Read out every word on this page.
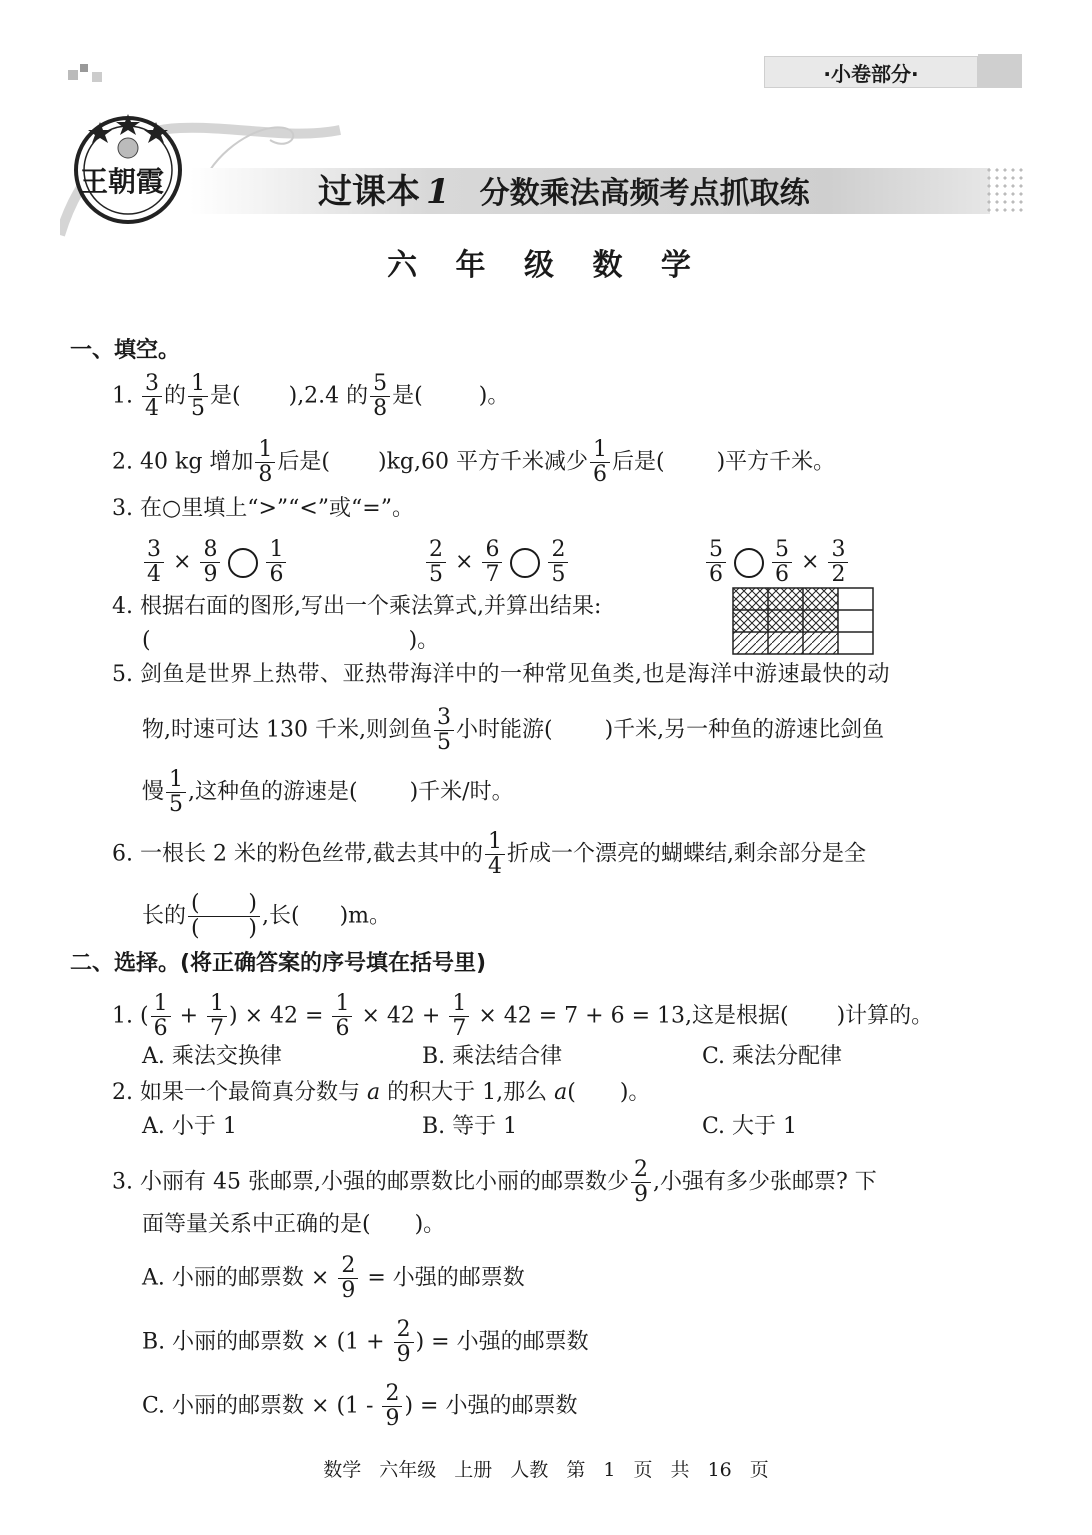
·小卷部分·
王朝霞	过课本 1 分数乘法高频考点抓取练
六 年 级 数 学
一、填空。
1. $\frac{3}{4}$ 的 $\frac{1}{5}$ 是( ),2.4 的 $\frac{5}{8}$ 是(	)。
2. 40 kg 增加 $\frac{1}{8}$ 后是( )kg,60 平方千米减少 $\frac{1}{6}$ 后是( )平方千米。
3. 在○里填上“>”“<”或“=”。
$\frac{3}{4} \times \frac{8}{9} \frac{1}{6}$	$\frac{2}{5} \times \frac{6}{7} \frac{2}{5}$	$\frac{5}{6} \frac{5}{6} \times \frac{3}{2}$
4. 根据右面的图形,写出一个乘法算式,并算出结果:
(	)。
5. 剑鱼是世界上热带、亚热带海洋中的一种常见鱼类,也是海洋中游速最快的动
物,时速可达 130 千米,则剑鱼 $\frac{3}{5}$ 小时能游( )千米,另一种鱼的游速比剑鱼
慢 $\frac{1}{5}$ ,这种鱼的游速是( )千米/时。
6. 一根长 2 米的粉色丝带,截去其中的 $\frac{1}{4}$ 折成一个漂亮的蝴蝶结,剩余部分是全
长的 $\frac{( )}{( )}$ ,长( )m。
二、选择。(将正确答案的序号填在括号里)
1. ( $\frac{1}{6} + \frac{1}{7}$ ) × $42 = \frac{1}{6} \times 42 + \frac{1}{7} \times 42 = 7 + 6 = 13$,这是根据( )计算的。
A. 乘法交换律	B. 乘法结合律	C. 乘法分配律
2. 如果一个最简真分数与 a 的积大于 1,那么 a( )。
A. 小于 1	B. 等于 1	C. 大于 1
3. 小丽有 45 张邮票,小强的邮票数比小丽的邮票数少 $\frac{2}{9}$ ,小强有多少张邮票? 下
面等量关系中正确的是( )。
A. 小丽的邮票数 × $\frac{2}{9}$ = 小强的邮票数
B. 小丽的邮票数 × ($1 + \frac{2}{9}$ ) = 小强的邮票数
C. 小丽的邮票数 × ($1 - \frac{2}{9}$ ) = 小强的邮票数
数学 六年级 上册 人教 第 1 页 共 16 页
